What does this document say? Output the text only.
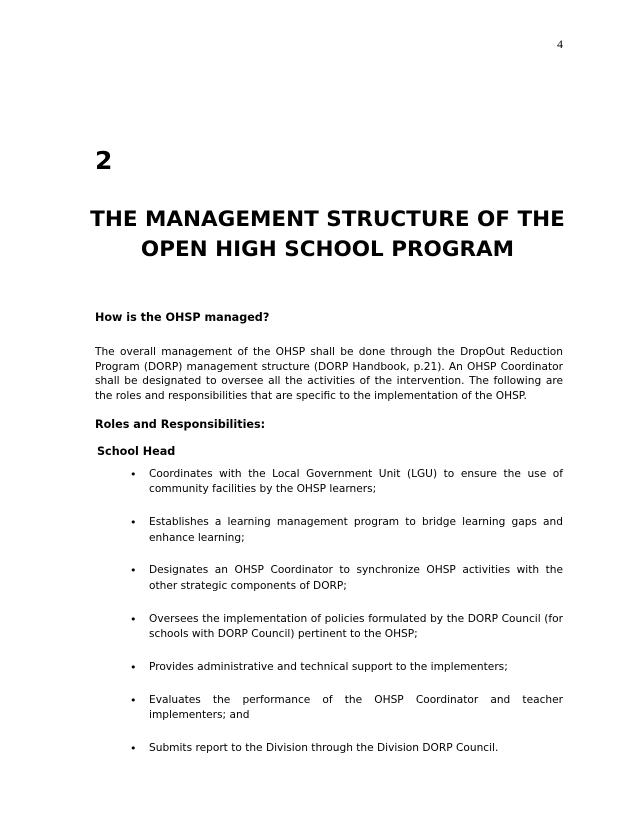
4
2
THE MANAGEMENT STRUCTURE OF THE
OPEN HIGH SCHOOL PROGRAM
How is the OHSP managed?

The overall management of the OHSP shall be done through the DropOut Reduction Program (DORP) management structure (DORP Handbook, p.21). An OHSP Coordinator shall be designated to oversee all the activities of the intervention. The following are the roles and responsibilities that are specific to the implementation of the OHSP.

Roles and Responsibilities:
School Head
• Coordinates with the Local Government Unit (LGU) to ensure the use of community facilities by the OHSP learners;
• Establishes a learning management program to bridge learning gaps and enhance learning;
• Designates an OHSP Coordinator to synchronize OHSP activities with the other strategic components of DORP;
• Oversees the implementation of policies formulated by the DORP Council (for schools with DORP Council) pertinent to the OHSP;
• Provides administrative and technical support to the implementers;
• Evaluates the performance of the OHSP Coordinator and teacher implementers; and
• Submits report to the Division through the Division DORP Council.
